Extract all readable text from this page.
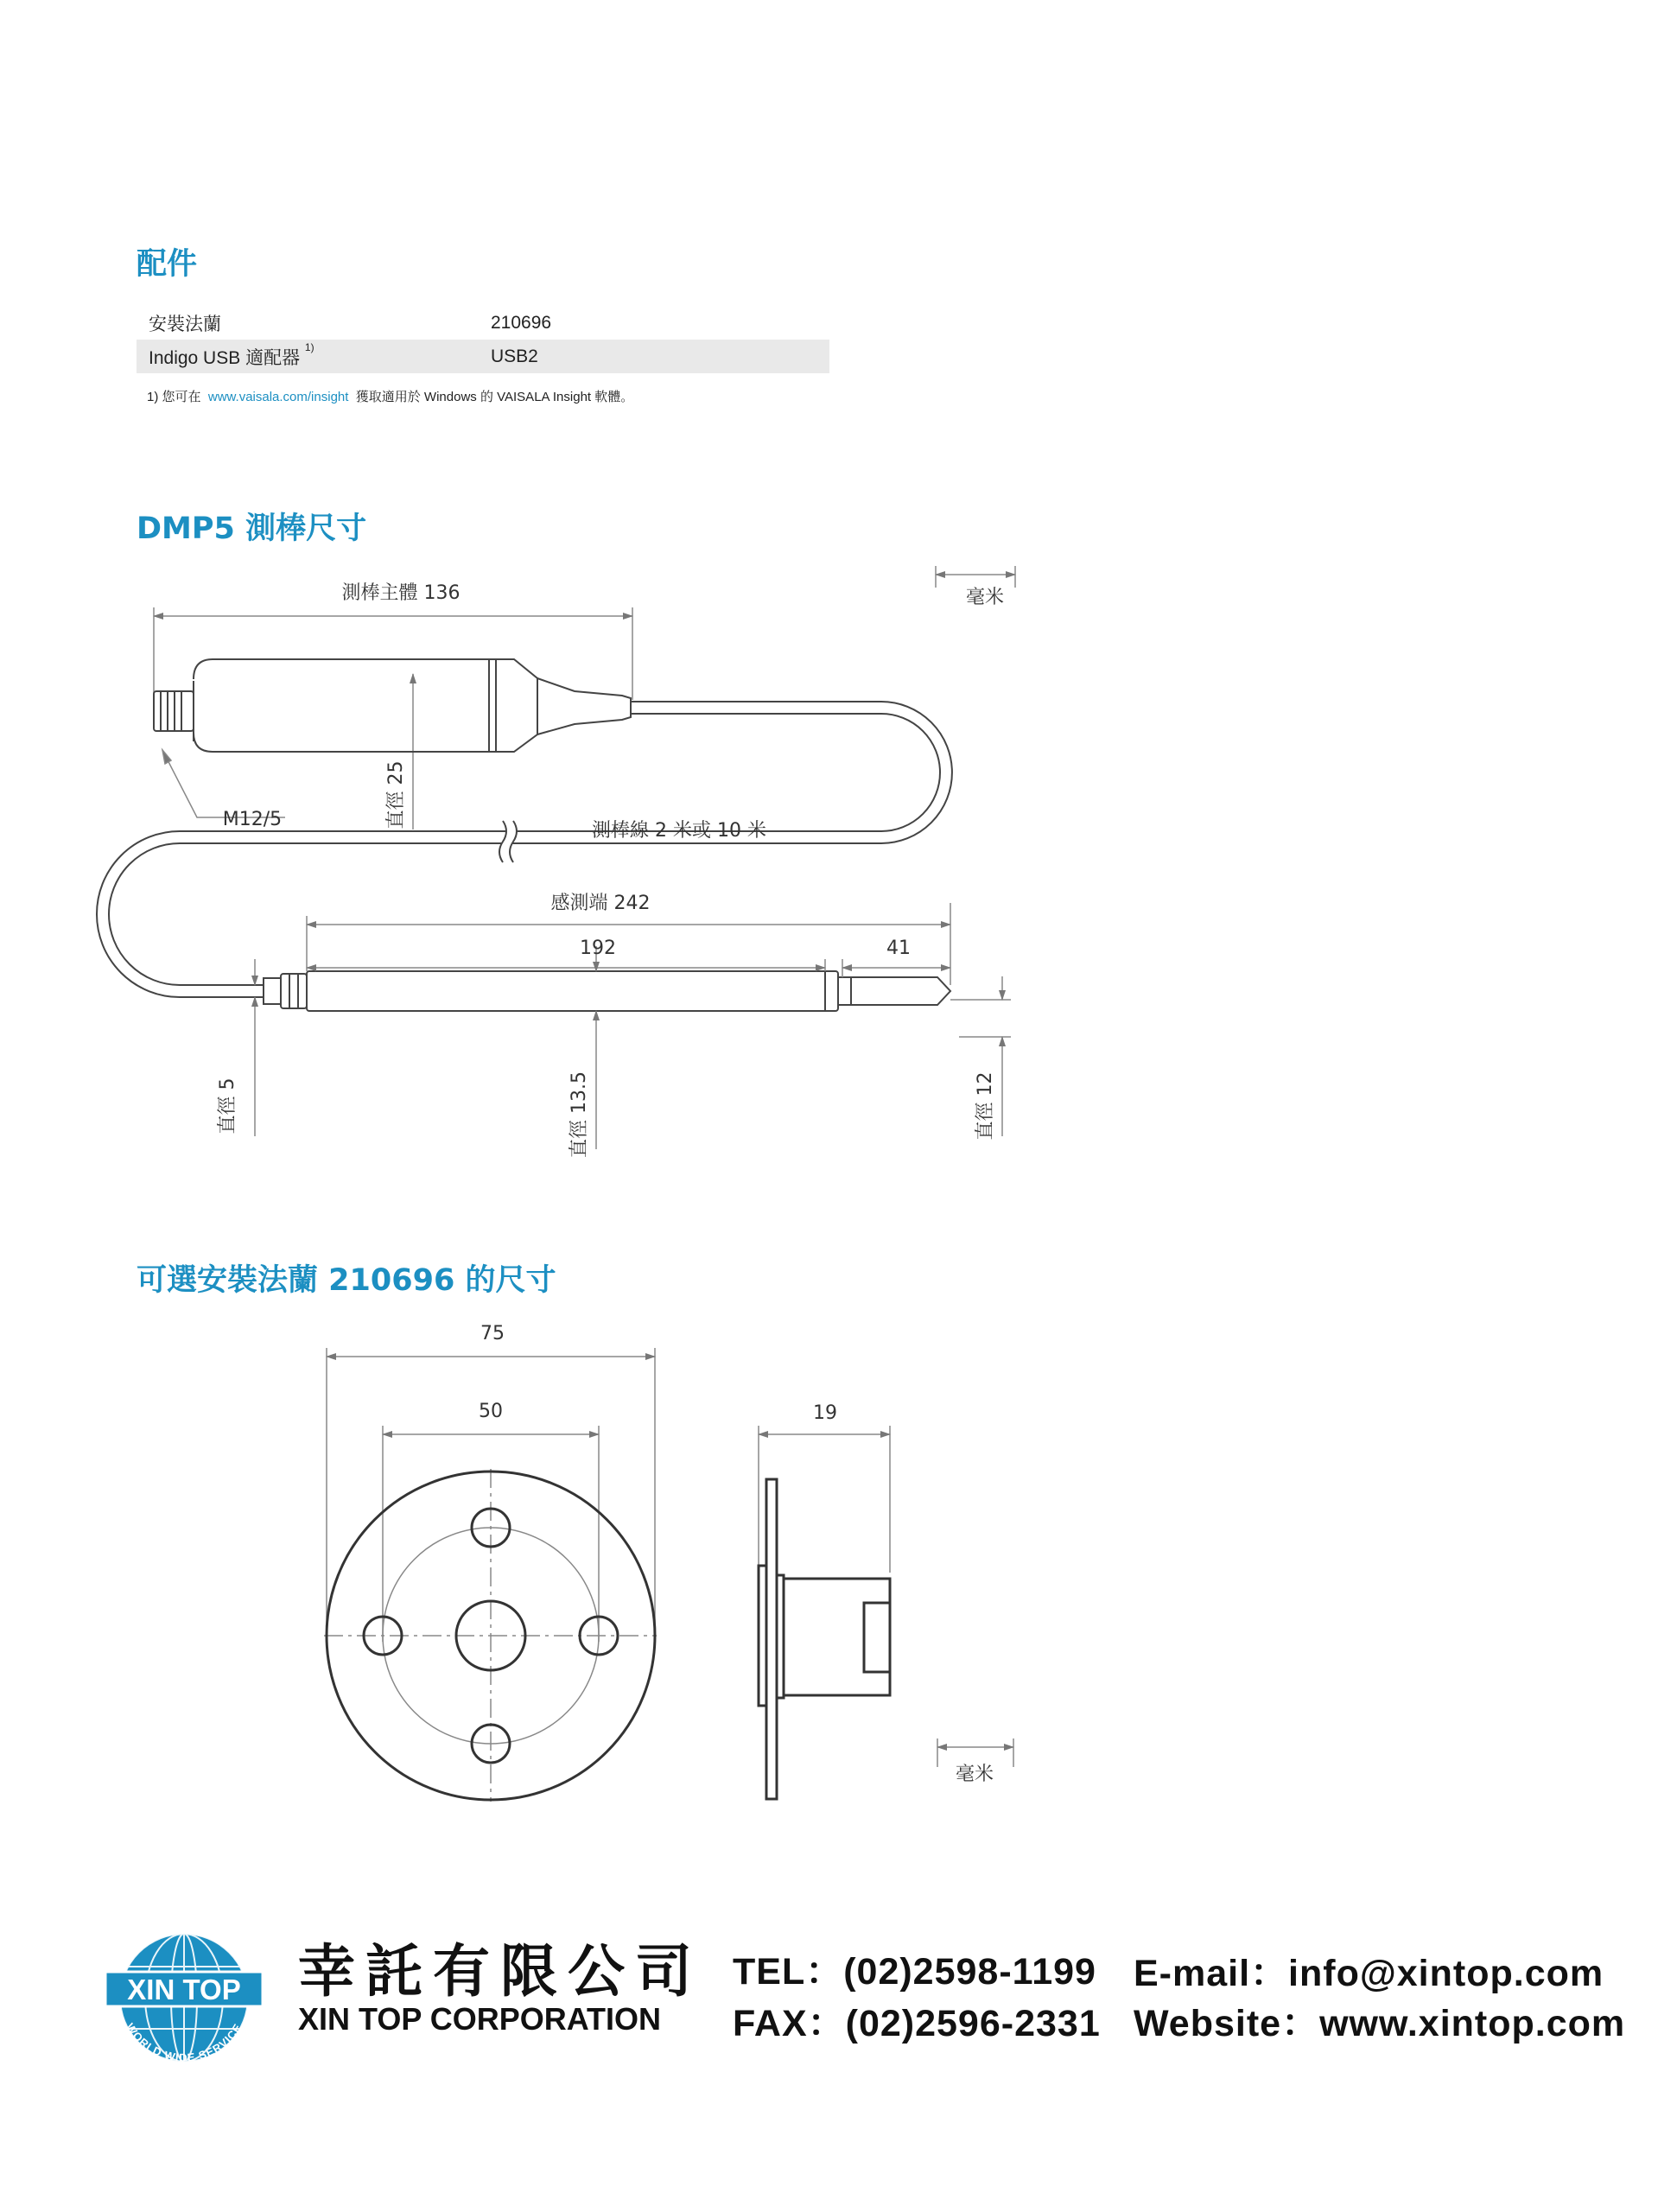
配件
安裝法蘭	210696
Indigo USB 適配器 $^{1)}$	USB2
1) 您可在 www.vaisala.com/insight 獲取適用於 Windows 的 VAISALA Insight 軟體。
DMP5 測棒尺寸
毫米
測棒主體 136
直徑 25
M12/5
測棒線 2 米或 10 米
感測端 242
192	41
直徑 5	直徑 13.5	直徑 12
75
50	19
毫米
可選安裝法蘭 210696 的尺寸
XIN TOP
WORLD WIDE SERVICE
幸託有限公司
XIN TOP CORPORATION
TEL：(02)2598-1199
FAX：(02)2596-2331
E-mail：info@xintop.com
Website：www.xintop.com
